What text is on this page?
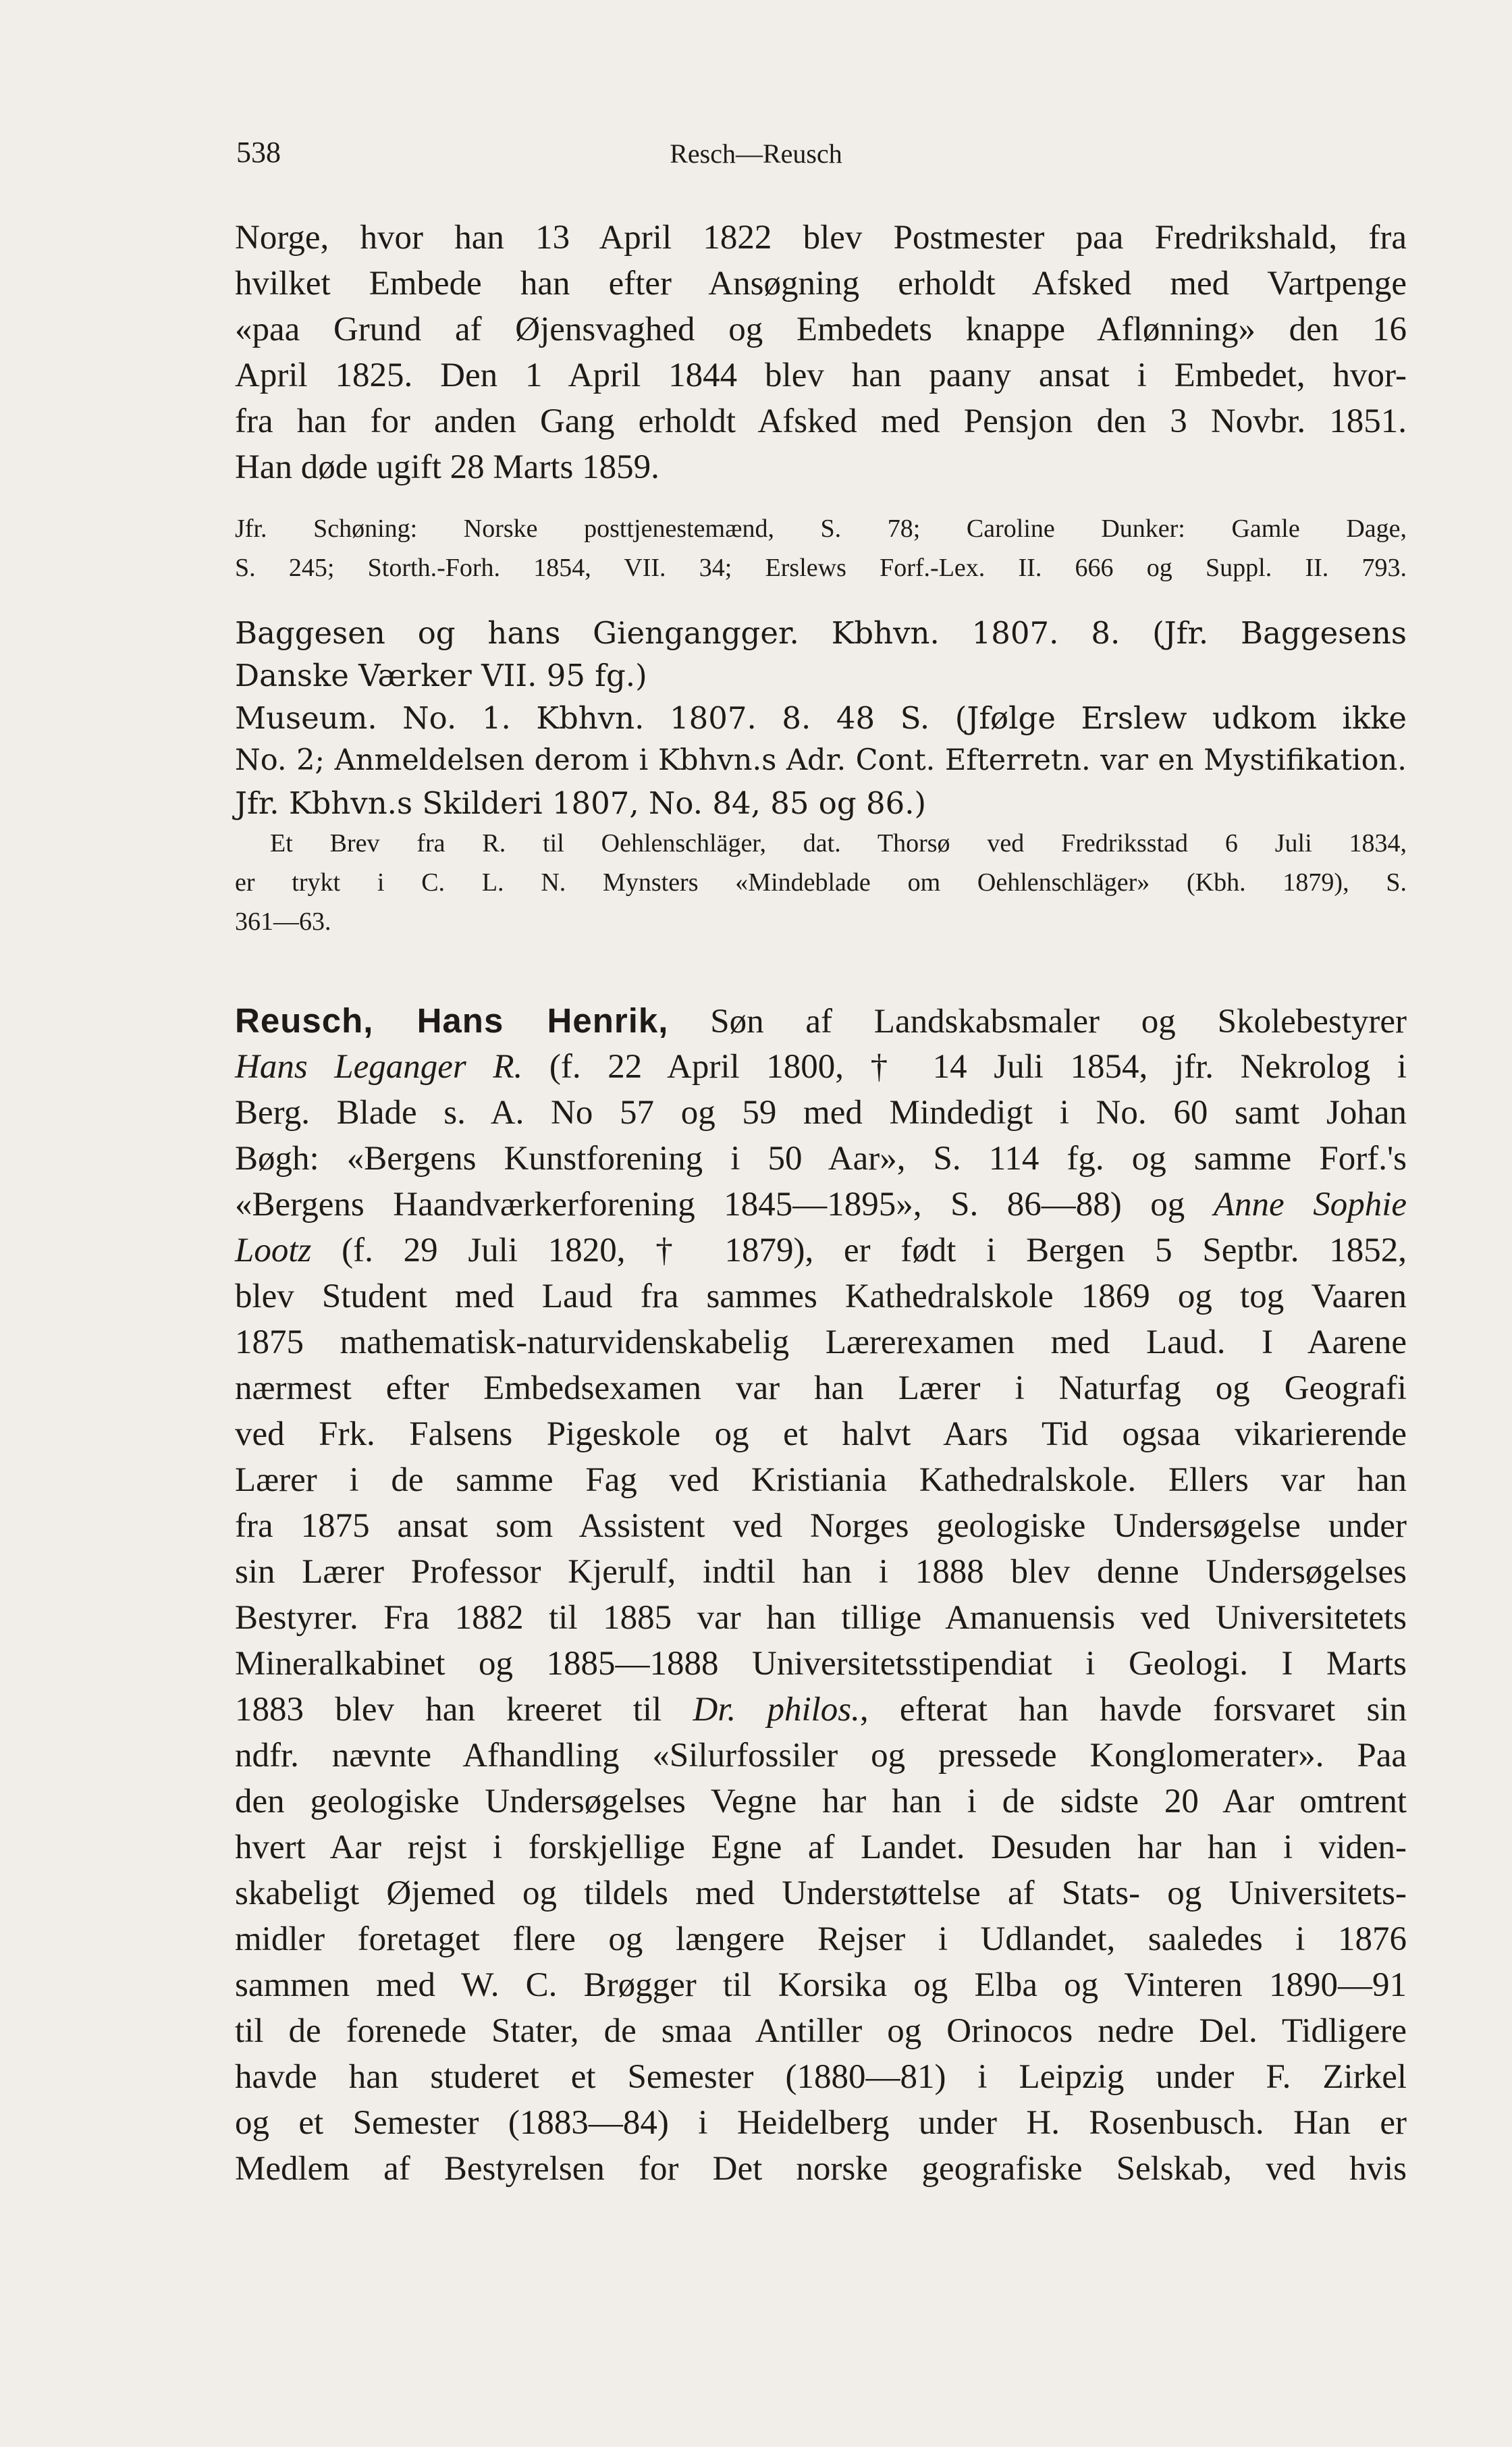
538	Resch—Reusch
Norge, hvor han 13 April 1822 blev Postmester paa Fredrikshald, fra
hvilket Embede han efter Ansøgning erholdt Afsked med Vartpenge
«paa Grund af Øjensvaghed og Embedets knappe Aflønning» den 16
April 1825. Den 1 April 1844 blev han paany ansat i Embedet, hvor-
fra han for anden Gang erholdt Afsked med Pensjon den 3 Novbr. 1851.
Han døde ugift 28 Marts 1859.
Jfr. Schøning: Norske posttjenestemænd, S. 78; Caroline Dunker: Gamle Dage,
S. 245; Storth.-Forh. 1854, VII. 34; Erslews Forf.-Lex. II. 666 og Suppl. II. 793.
Baggesen og hans Giengangger. Kbhvn. 1807. 8. (Jfr. Baggesens
Danske Værker VII. 95 fg.)
Museum. No. 1. Kbhvn. 1807. 8. 48 S. (Jfølge Erslew udkom ikke
No. 2; Anmeldelsen derom i Kbhvn.s Adr. Cont. Efterretn. var en Mystifikation.
Jfr. Kbhvn.s Skilderi 1807, No. 84, 85 og 86.)
Et Brev fra R. til Oehlenschläger, dat. Thorsø ved Fredriksstad 6 Juli 1834,
er trykt i C. L. N. Mynsters «Mindeblade om Oehlenschläger» (Kbh. 1879), S.
361—63.
Reusch, Hans Henrik, Søn af Landskabsmaler og Skolebestyrer
Hans Leganger R. (f. 22 April 1800, † 14 Juli 1854, jfr. Nekrolog i
Berg. Blade s. A. No 57 og 59 med Mindedigt i No. 60 samt Johan
Bøgh: «Bergens Kunstforening i 50 Aar», S. 114 fg. og samme Forf.'s
«Bergens Haandværkerforening 1845—1895», S. 86—88) og Anne Sophie
Lootz (f. 29 Juli 1820, † 1879), er født i Bergen 5 Septbr. 1852,
blev Student med Laud fra sammes Kathedralskole 1869 og tog Vaaren
1875 mathematisk-naturvidenskabelig Lærerexamen med Laud. I Aarene
nærmest efter Embedsexamen var han Lærer i Naturfag og Geografi
ved Frk. Falsens Pigeskole og et halvt Aars Tid ogsaa vikarierende
Lærer i de samme Fag ved Kristiania Kathedralskole. Ellers var han
fra 1875 ansat som Assistent ved Norges geologiske Undersøgelse under
sin Lærer Professor Kjerulf, indtil han i 1888 blev denne Undersøgelses
Bestyrer. Fra 1882 til 1885 var han tillige Amanuensis ved Universitetets
Mineralkabinet og 1885—1888 Universitetsstipendiat i Geologi. I Marts
1883 blev han kreeret til Dr. philos., efterat han havde forsvaret sin
ndfr. nævnte Afhandling «Silurfossiler og pressede Konglomerater». Paa
den geologiske Undersøgelses Vegne har han i de sidste 20 Aar omtrent
hvert Aar rejst i forskjellige Egne af Landet. Desuden har han i viden-
skabeligt Øjemed og tildels med Understøttelse af Stats- og Universitets-
midler foretaget flere og længere Rejser i Udlandet, saaledes i 1876
sammen med W. C. Brøgger til Korsika og Elba og Vinteren 1890—91
til de forenede Stater, de smaa Antiller og Orinocos nedre Del. Tidligere
havde han studeret et Semester (1880—81) i Leipzig under F. Zirkel
og et Semester (1883—84) i Heidelberg under H. Rosenbusch. Han er
Medlem af Bestyrelsen for Det norske geografiske Selskab, ved hvis
